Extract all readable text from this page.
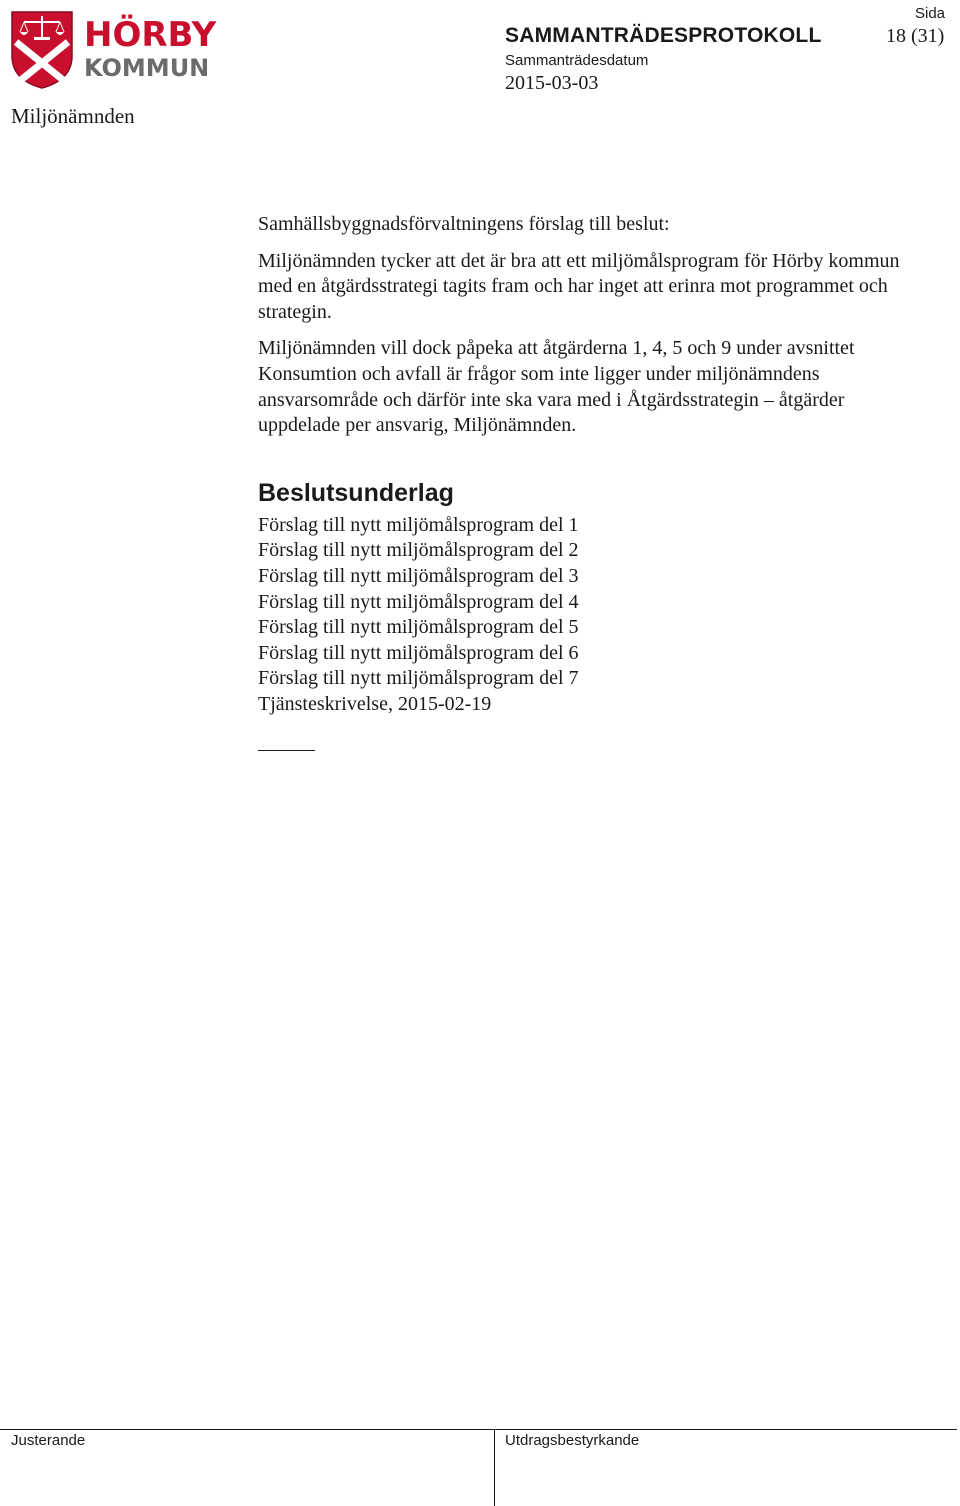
HÖRBY
KOMMUN
Miljönämnden
SAMMANTRÄDESPROTOKOLL
Sammanträdesdatum
2015-03-03
Sida
18 (31)

Samhällsbyggnadsförvaltningens förslag till beslut:

Miljönämnden tycker att det är bra att ett miljömålsprogram för Hörby kommun med en åtgärdsstrategi tagits fram och har inget att erinra mot programmet och strategin.

Miljönämnden vill dock påpeka att åtgärderna 1, 4, 5 och 9 under avsnittet Konsumtion och avfall är frågor som inte ligger under miljönämndens ansvarsområde och därför inte ska vara med i Åtgärdsstrategin – åtgärder uppdelade per ansvarig, Miljönämnden.

Beslutsunderlag
Förslag till nytt miljömålsprogram del 1
Förslag till nytt miljömålsprogram del 2
Förslag till nytt miljömålsprogram del 3
Förslag till nytt miljömålsprogram del 4
Förslag till nytt miljömålsprogram del 5
Förslag till nytt miljömålsprogram del 6
Förslag till nytt miljömålsprogram del 7
Tjänsteskrivelse, 2015-02-19
Justerande	Utdragsbestyrkande
